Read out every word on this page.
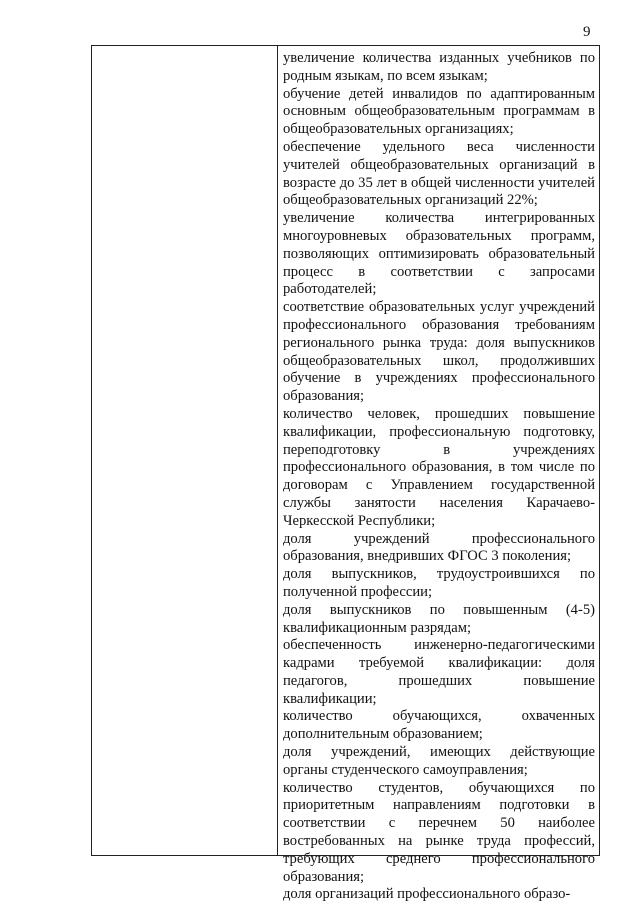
9

увеличение количества изданных учебников по родным языкам, по всем языкам;

обучение детей инвалидов по адаптированным основным общеобразовательным программам в общеобразовательных организациях;

обеспечение удельного веса численности учителей общеобразовательных организаций в возрасте до 35 лет в общей численности учителей общеобразовательных организаций 22%;

увеличение количества интегрированных многоуровневых образовательных программ, позволяющих оптимизировать образовательный процесс в соответствии с запросами работодателей;

соответствие образовательных услуг учреждений профессионального образования требованиям регионального рынка труда: доля выпускников общеобразовательных школ, продолживших обучение в учреждениях профессионального образования;

количество человек, прошедших повышение квалификации, профессиональную подготовку, переподготовку в учреждениях профессионального образования, в том числе по договорам с Управлением государственной службы занятости населения Карачаево-Черкесской Республики;

доля учреждений профессионального образования, внедривших ФГОС 3 поколения;

доля выпускников, трудоустроившихся по полученной профессии;

доля выпускников по повышенным (4-5) квалификационным разрядам;

обеспеченность инженерно-педагогическими кадрами требуемой квалификации: доля педагогов, прошедших повышение квалификации;

количество обучающихся, охваченных дополнительным образованием;

доля учреждений, имеющих действующие органы студенческого самоуправления;

количество студентов, обучающихся по приоритетным направлениям подготовки в соответствии с перечнем 50 наиболее востребованных на рынке труда профессий, требующих среднего профессионального образования;

доля организаций профессионального образо-
